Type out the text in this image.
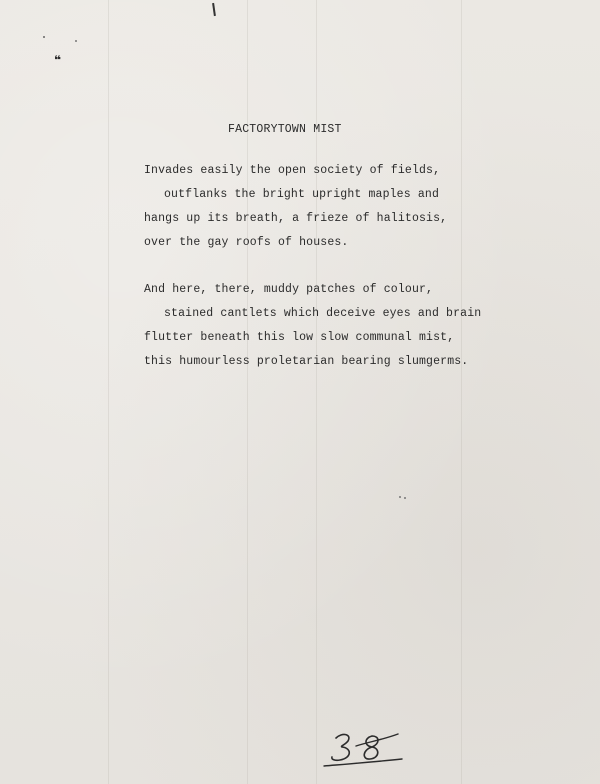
❝
FACTORYTOWN MIST

Invades easily the open society of fields,

outflanks the bright upright maples and

hangs up its breath, a frieze of halitosis,

over the gay roofs of houses.

And here, there, muddy patches of colour,

stained cantlets which deceive eyes and brain

flutter beneath this low slow communal mist,

this humourless proletarian bearing slumgerms.
